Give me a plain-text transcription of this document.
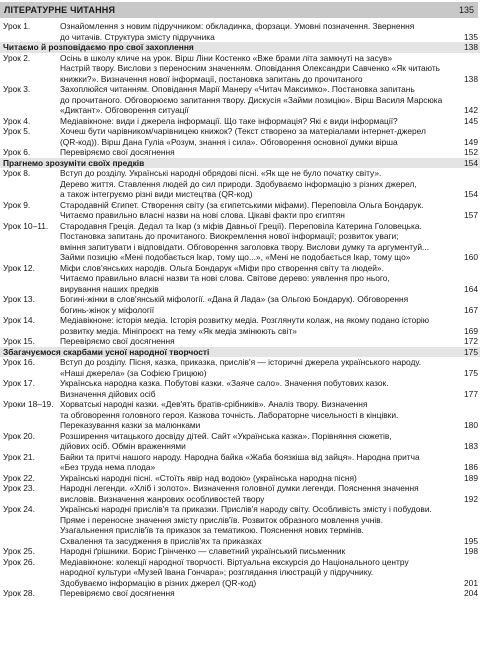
ЛІТЕРАТУРНЕ ЧИТАННЯ	135
Урок 1.	Ознайомлення з новим підручником: обкладинка, форзаци. Умовні позначення. Звернення
до читачів. Структура змісту підручника	135
Читаємо й розповідаємо про свої захоплення	138
Урок 2.	Осінь в школу кличе на урок. Вірш Ліни Костенко «Вже брами літа замкнуті на засув»
Настрій твору. Вислови з переносним значенням. Оповідання Олександри Савченко «Як читають
книжки?». Визначення нової інформації, постановка запитань до прочитаного	138
Урок 3.	Захоплюйся читанням. Оповідання Марії Манеру «Читач Максимко». Постановка запитань
до прочитаного. Обговорюємо запитання твору. Дискусія «Займи позицію». Вірш Василя Марсюка
«Диктант». Обговорення ситуації	142
Урок 4.	Медіавікноне: види і джерела інформації. Що таке інформація? Які є види інформації?	145
Урок 5.	Хочеш бути чарівником/чарівницею книжок? (Текст створено за матеріалами інтернет-джерел
(QR-код)). Вірш Дана Гуліа «Розум, знання і сила». Обговорення основної думки вірша	149
Урок 6.	Перевіряємо свої досягнення	152
Прагнемо зрозуміти своїх предків	154
Урок 8.	Вступ до розділу. Українські народні обрядові пісні. «Як ще не було початку світу».
Дерево життя. Ставлення людей до сил природи. Здобуваємо інформацію з різних джерел,
а також інтегруємо різні види мистецтва (QR-код)	154
Урок 9.	Стародавній Єгипет. Створення світу (за єгипетськими міфами). Переповіла Ольга Бондарук.
Читаємо правильно власні назви на нові слова. Цікаві факти про єгиптян	157
Урок 10–11.	Стародавня Греція. Дедал та Ікар (з міфів Давньої Греції). Переповіла Катерина Головецька.
Постановка запитань до прочитаного. Виокремлення нової інформації; розвиток уваги;
вміння запитувати і відповідати. Обговорення заголовка твору. Вислови думку та аргументуй...
Займи позицію «Мені подобається Ікар, тому що...», «Мені не подобається Ікар, тому що»	160
Урок 12.	Міфи слов'янських народів. Ольга Бондарук «Міфи про створення світу та людей».
Читаємо правильно власні назви та нові слова. Світове дерево: уявлення про нього,
вирування наших предків	164
Урок 13.	Богині-жінки в слов'янській міфології. «Дана й Лада» (за Ольгою Бондарук). Обговорення
богинь-жінок у міфології	167
Урок 14.	Медіавікноне: історія медіа. Історія розвитку медіа. Розглянути колаж, на якому подано історію
розвитку медіа. Мініпроєкт на тему «Як медіа змінюють світ»	169
Урок 15.	Перевіряємо свої досягнення	172
Збагачуємося скарбами усної народної творчості	175
Урок 16.	Вступ до розділу. Пісня, казка, приказка, прислів'я — історичні джерела українського народу.
«Наші джерела» (за Софією Грицюю)	175
Урок 17.	Українська народна казка. Побутові казки. «Заяче сало». Значення побутових казок.
Визначення дійових осіб	177
Уроки 18–19. Хорватські народні казки. «Дев'ять братів-срібників». Аналіз твору. Визначення
та обговорення головного героя. Казкова точність. Лабораторне чисельності в кінцівки.
Переказування казки за малюнками	180
Урок 20.	Розширення читацького досвіду дітей. Сайт «Українська казка». Порівняння сюжетів,
дійових осіб. Обмін враженнями	183
Урок 21.	Байки та притчі нашого народу. Народна байка «Жаба боязкіша від зайця». Народна притча
«Без труда нема плода»	186
Урок 22.	Українські народні пісні. «Стоїть явір над водою» (українська народна пісня)	189
Урок 23.	Народні легенди. «Хліб і золото». Визначення головної думки легенди. Пояснення значення
висловів. Визначення жанрових особливостей твору	192
Урок 24.	Українські народні прислів'я та приказки. Прислів'я народу світу. Особливість змісту і побудови.
Пряме і переносне значення змісту прислів'їв. Розвиток образного мовлення учнів.
Узагальнення прислів'їв та приказок за тематикою. Пояснення нових термінів.
Схвалення та засудження в прислів'ях та приказках	195
Урок 25.	Народні ґрішники. Борис Грінченко — славетний український письменник	198
Урок 26.	Медіавікноне: колекції народної творчості. Віртуальна екскурсія до Національного центру
народної культури «Музей Івана Гончара»; розглядання ілюстрацій у підручнику.
Здобуваємо інформацію в різних джерел (QR-код)	201
Урок 28.	Перевіряємо свої досягнення	204
